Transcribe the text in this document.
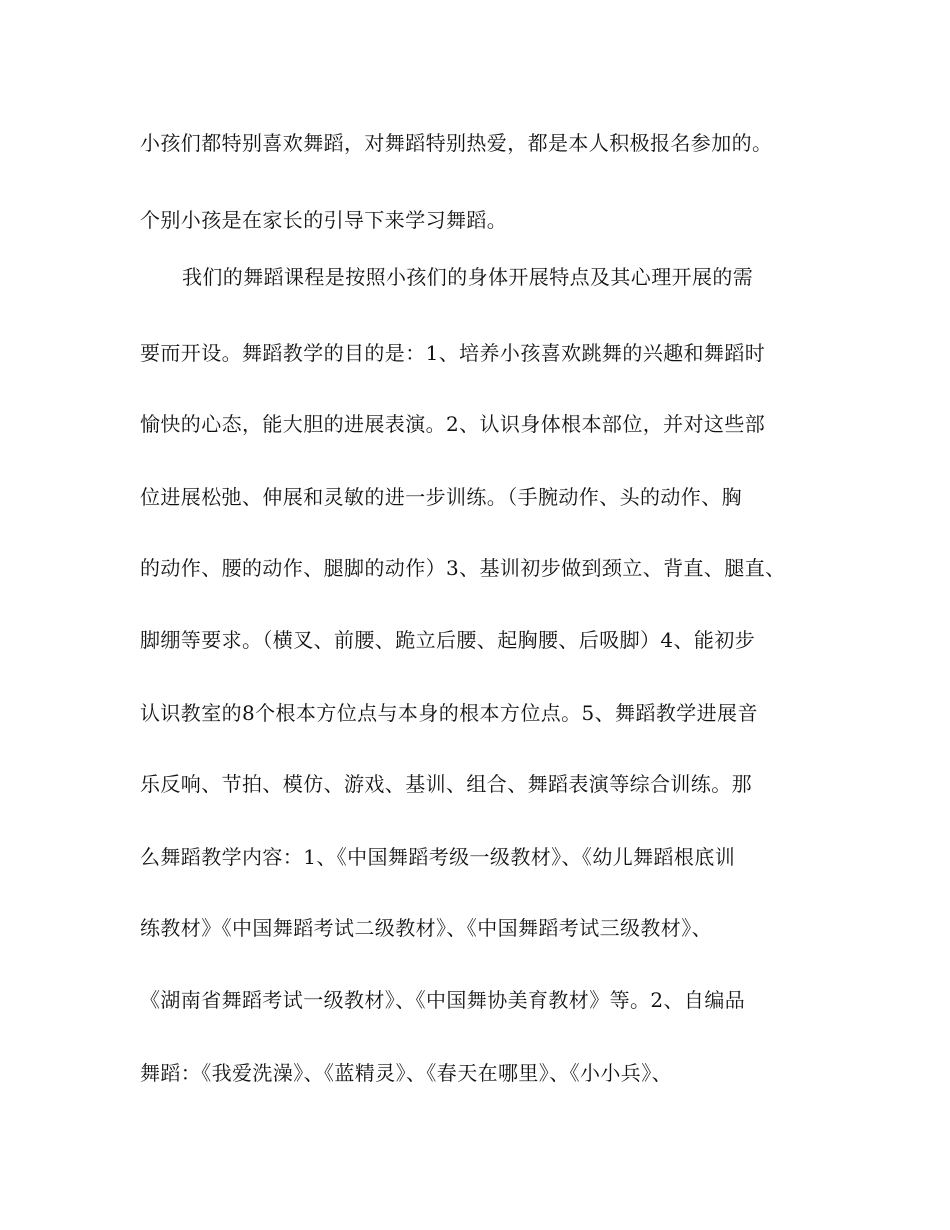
小孩们都特别喜欢舞蹈，对舞蹈特别热爱，都是本人积极报名参加的。

个别小孩是在家长的引导下来学习舞蹈。

我们的舞蹈课程是按照小孩们的身体开展特点及其心理开展的需

要而开设。舞蹈教学的目的是：1、培养小孩喜欢跳舞的兴趣和舞蹈时

愉快的心态，能大胆的进展表演。2、认识身体根本部位，并对这些部

位进展松弛、伸展和灵敏的进一步训练。（手腕动作、头的动作、胸

的动作、腰的动作、腿脚的动作）3、基训初步做到颈立、背直、腿直、

脚绷等要求。（横叉、前腰、跪立后腰、起胸腰、后吸脚）4、能初步

认识教室的8个根本方位点与本身的根本方位点。5、舞蹈教学进展音

乐反响、节拍、模仿、游戏、基训、组合、舞蹈表演等综合训练。那

么舞蹈教学内容：1、《中国舞蹈考级一级教材》、《幼儿舞蹈根底训

练教材》《中国舞蹈考试二级教材》、《中国舞蹈考试三级教材》、

《湖南省舞蹈考试一级教材》、《中国舞协美育教材》等。2、自编品

舞蹈：《我爱洗澡》、《蓝精灵》、《春天在哪里》、《小小兵》、
